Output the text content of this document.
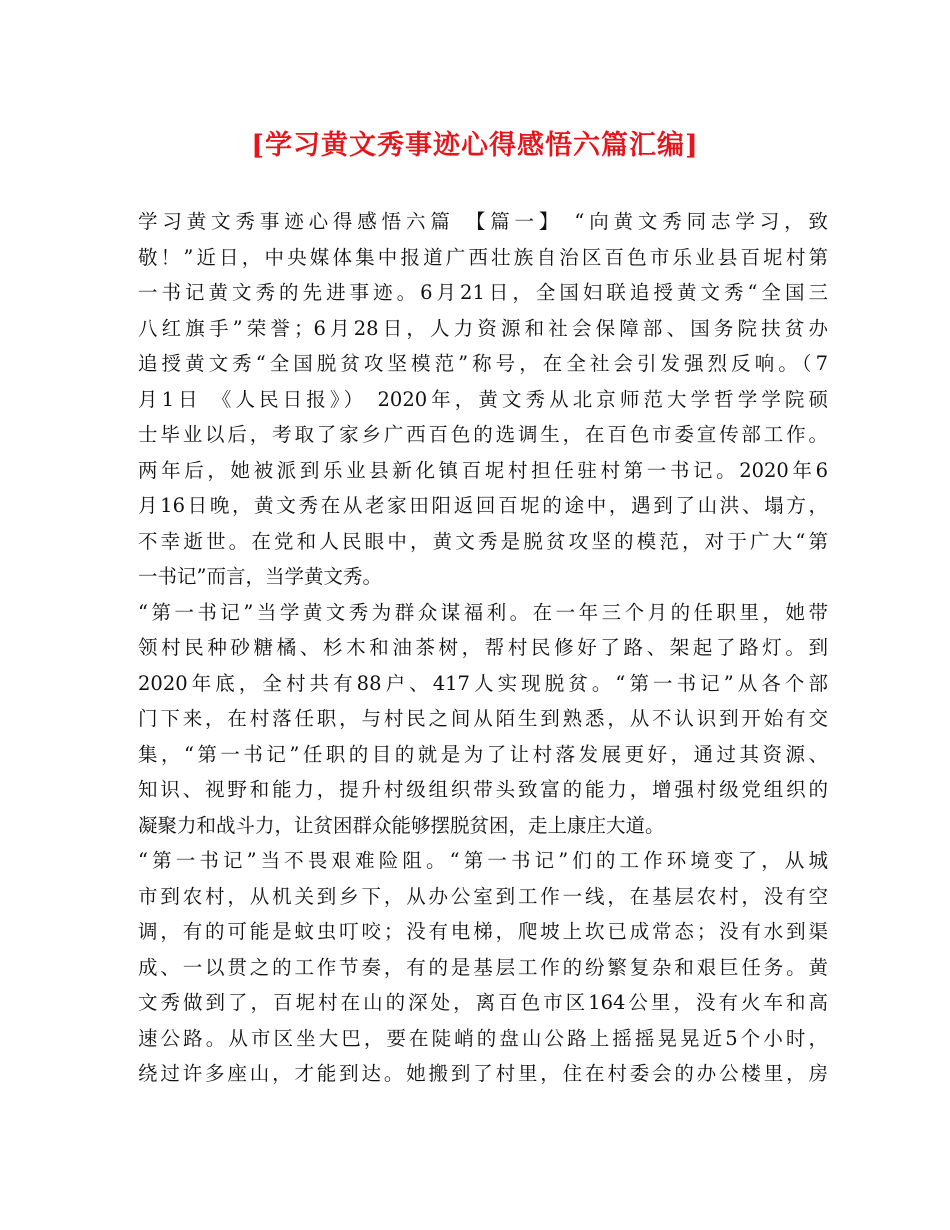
[学习黄文秀事迹心得感悟六篇汇编]
学习黄文秀事迹心得感悟六篇 【篇一】 “向黄文秀同志学习，致
敬！”近日，中央媒体集中报道广西壮族自治区百色市乐业县百坭村第
一书记黄文秀的先进事迹。6月21日，全国妇联追授黄文秀“全国三
八红旗手”荣誉；6月28日，人力资源和社会保障部、国务院扶贫办
追授黄文秀“全国脱贫攻坚模范”称号，在全社会引发强烈反响。（7
月1日 《人民日报》） 2020年，黄文秀从北京师范大学哲学学院硕
士毕业以后，考取了家乡广西百色的选调生，在百色市委宣传部工作。
两年后，她被派到乐业县新化镇百坭村担任驻村第一书记。2020年6
月16日晚，黄文秀在从老家田阳返回百坭的途中，遇到了山洪、塌方，
不幸逝世。在党和人民眼中，黄文秀是脱贫攻坚的模范，对于广大“第
一书记”而言，当学黄文秀。
“第一书记”当学黄文秀为群众谋福利。在一年三个月的任职里，她带
领村民种砂糖橘、杉木和油茶树，帮村民修好了路、架起了路灯。到
2020年底，全村共有88户、417人实现脱贫。“第一书记”从各个部
门下来，在村落任职，与村民之间从陌生到熟悉，从不认识到开始有交
集，“第一书记”任职的目的就是为了让村落发展更好，通过其资源、
知识、视野和能力，提升村级组织带头致富的能力，增强村级党组织的
凝聚力和战斗力，让贫困群众能够摆脱贫困，走上康庄大道。
“第一书记”当不畏艰难险阻。“第一书记”们的工作环境变了，从城
市到农村，从机关到乡下，从办公室到工作一线，在基层农村，没有空
调，有的可能是蚊虫叮咬；没有电梯，爬坡上坎已成常态；没有水到渠
成、一以贯之的工作节奏，有的是基层工作的纷繁复杂和艰巨任务。黄
文秀做到了，百坭村在山的深处，离百色市区164公里，没有火车和高
速公路。从市区坐大巴，要在陡峭的盘山公路上摇摇晃晃近5个小时，
绕过许多座山，才能到达。她搬到了村里，住在村委会的办公楼里，房
